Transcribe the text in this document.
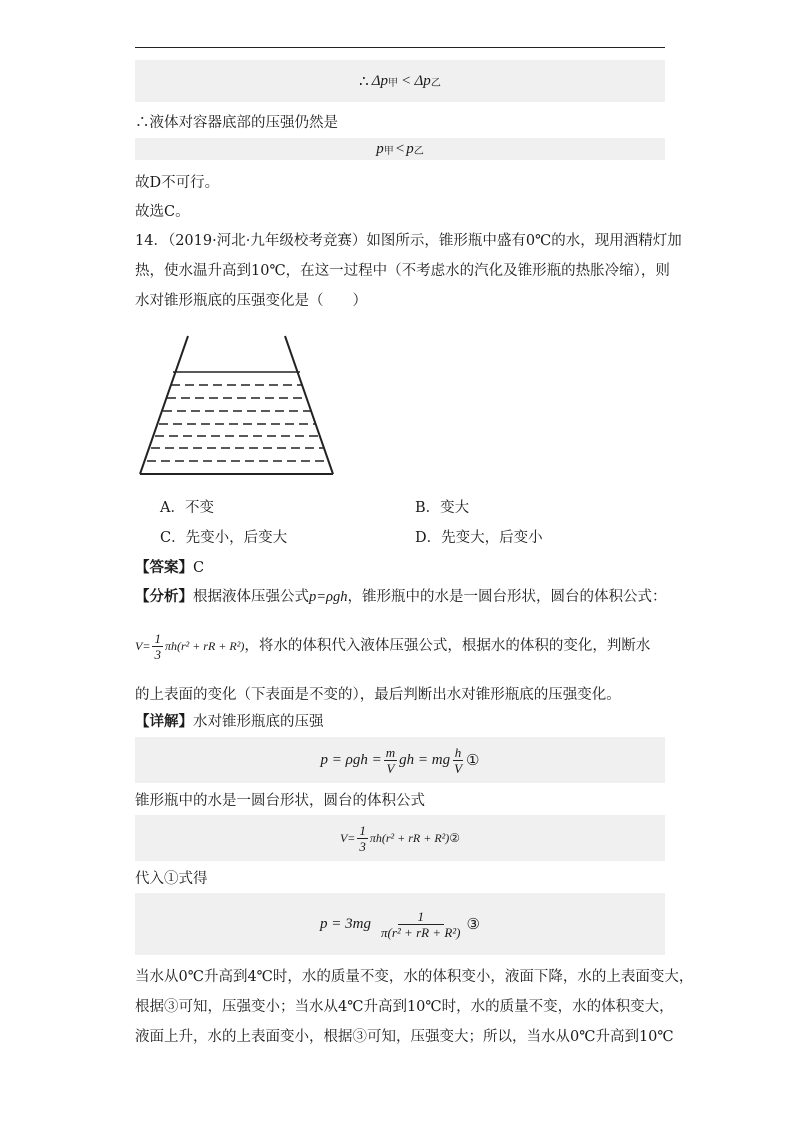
∴ Δp 甲 < Δp 乙
∴液体对容器底部的压强仍然是
p 甲 < p 乙
故D不可行。
故选C。
14．（2019·河北·九年级校考竞赛）如图所示，锥形瓶中盛有0℃的水，现用酒精灯加
热，使水温升高到10℃，在这一过程中（不考虑水的汽化及锥形瓶的热胀冷缩），则
水对锥形瓶底的压强变化是（　　）
A．不变	B．变大
C．先变小，后变大	D．先变大，后变小
【答案】C
【分析】根据液体压强公式p=ρgh，锥形瓶中的水是一圆台形状，圆台的体积公式：
$V= \frac{1}{3} \pi h(r^2$ + rR + R²)，将水的体积代入液体压强公式，根据水的体积的变化，判断水
的上表面的变化（下表面是不变的），最后判断出水对锥形瓶底的压强变化。
【详解】水对锥形瓶底的压强
$p = \rho gh = \frac{m}{V}$ gh = mg $\frac{h}{V}$ ①
锥形瓶中的水是一圆台形状，圆台的体积公式
$V= \frac{1}{3} \pi h(r^2$ + rR + R²) ②
代入①式得
$p = 3mg \frac{1}{\text{π(r² + rR + R²)}}$ ③
当水从0℃升高到4℃时，水的质量不变，水的体积变小，液面下降，水的上表面变大，
根据③可知，压强变小；当水从4℃升高到10℃时，水的质量不变，水的体积变大，
液面上升，水的上表面变小，根据③可知，压强变大；所以，当水从0℃升高到10℃
